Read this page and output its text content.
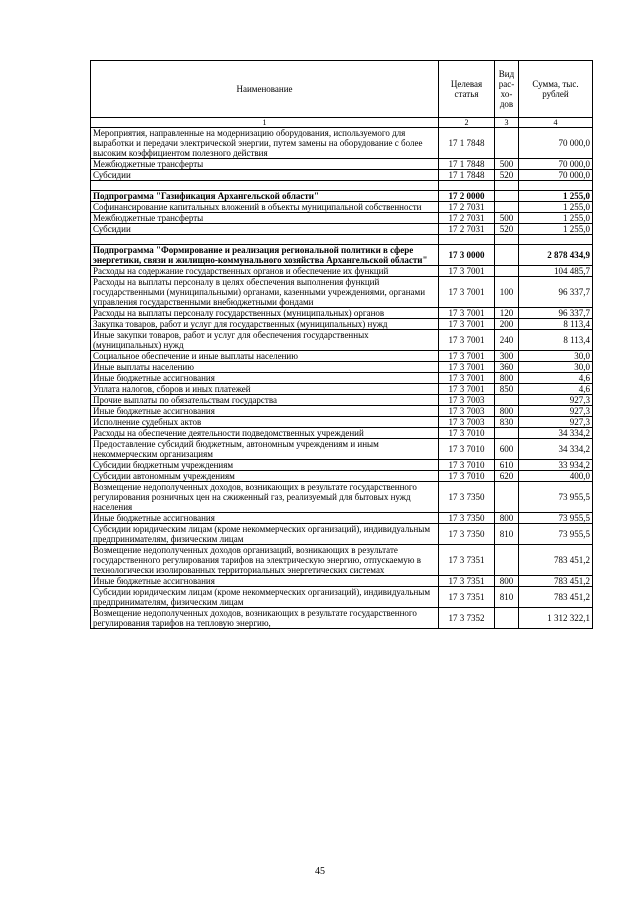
Наименование	Целевая статья	Вид рас-хо-дов	Сумма, тыс. рублей
1	2	3	4
Мероприятия, направленные на модернизацию оборудования, используемого для выработки и передачи электрической энергии, путем замены на оборудование с более высоким коэффициентом полезного действия	17 1 7848		70 000,0
Межбюджетные трансферты	17 1 7848	500	70 000,0
Субсидии	17 1 7848	520	70 000,0

Подпрограмма "Газификация Архангельской области"	17 2 0000		1 255,0
Софинансирование капитальных вложений в объекты муниципальной собственности	17 2 7031		1 255,0
Межбюджетные трансферты	17 2 7031	500	1 255,0
Субсидии	17 2 7031	520	1 255,0

Подпрограмма "Формирование и реализация региональной политики в сфере энергетики, связи и жилищно-коммунального хозяйства Архангельской области"	17 3 0000		2 878 434,9
Расходы на содержание государственных органов и обеспечение их функций	17 3 7001		104 485,7
Расходы на выплаты персоналу в целях обеспечения выполнения функций государственными (муниципальными) органами, казенными учреждениями, органами управления государственными внебюджетными фондами	17 3 7001	100	96 337,7
Расходы на выплаты персоналу государственных (муниципальных) органов	17 3 7001	120	96 337,7
Закупка товаров, работ и услуг для государственных (муниципальных) нужд	17 3 7001	200	8 113,4
Иные закупки товаров, работ и услуг для обеспечения государственных (муниципальных) нужд	17 3 7001	240	8 113,4
Социальное обеспечение и иные выплаты населению	17 3 7001	300	30,0
Иные выплаты населению	17 3 7001	360	30,0
Иные бюджетные ассигнования	17 3 7001	800	4,6
Уплата налогов, сборов и иных платежей	17 3 7001	850	4,6
Прочие выплаты по обязательствам государства	17 3 7003		927,3
Иные бюджетные ассигнования	17 3 7003	800	927,3
Исполнение судебных актов	17 3 7003	830	927,3
Расходы на обеспечение деятельности подведомственных учреждений	17 3 7010		34 334,2
Предоставление субсидий бюджетным, автономным учреждениям и иным некоммерческим организациям	17 3 7010	600	34 334,2
Субсидии бюджетным учреждениям	17 3 7010	610	33 934,2
Субсидии автономным учреждениям	17 3 7010	620	400,0
Возмещение недополученных доходов, возникающих в результате государственного регулирования розничных цен на сжиженный газ, реализуемый для бытовых нужд населения	17 3 7350		73 955,5
Иные бюджетные ассигнования	17 3 7350	800	73 955,5
Субсидии юридическим лицам (кроме некоммерческих организаций), индивидуальным предпринимателям, физическим лицам	17 3 7350	810	73 955,5
Возмещение недополученных доходов организаций, возникающих в результате государственного регулирования тарифов на электрическую энергию, отпускаемую в технологически изолированных территориальных энергетических системах	17 3 7351		783 451,2
Иные бюджетные ассигнования	17 3 7351	800	783 451,2
Субсидии юридическим лицам (кроме некоммерческих организаций), индивидуальным предпринимателям, физическим лицам	17 3 7351	810	783 451,2
Возмещение недополученных доходов, возникающих в результате государственного регулирования тарифов на тепловую энергию,	17 3 7352		1 312 322,1
45
